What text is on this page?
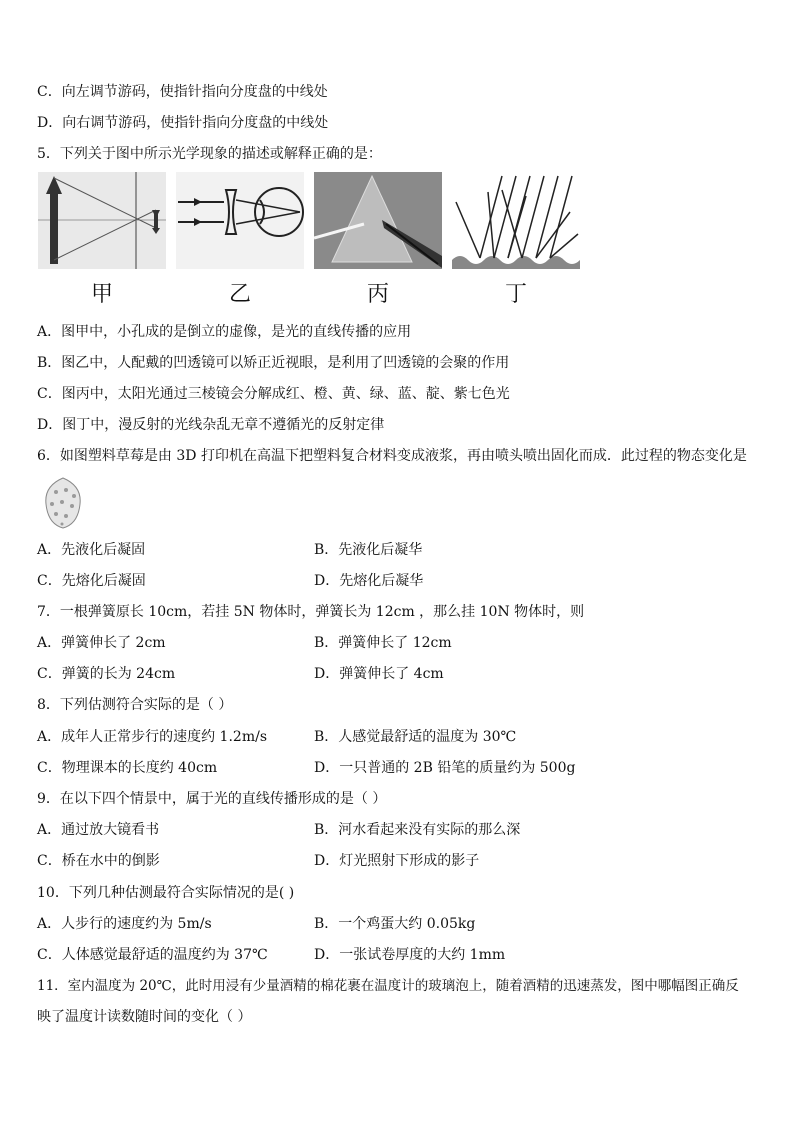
C．向左调节游码，使指针指向分度盘的中线处
D．向右调节游码，使指针指向分度盘的中线处
5．下列关于图中所示光学现象的描述或解释正确的是：
甲	乙	丙	丁
A．图甲中，小孔成的是倒立的虚像，是光的直线传播的应用
B．图乙中，人配戴的凹透镜可以矫正近视眼，是利用了凹透镜的会聚的作用
C．图丙中，太阳光通过三棱镜会分解成红、橙、黄、绿、蓝、靛、紫七色光
D．图丁中，漫反射的光线杂乱无章不遵循光的反射定律
6．如图塑料草莓是由 3D 打印机在高温下把塑料复合材料变成液浆，再由喷头喷出固化而成．此过程的物态变化是
A．先液化后凝固	B．先液化后凝华
C．先熔化后凝固	D．先熔化后凝华
7．一根弹簧原长 10cm，若挂 5N 物体时，弹簧长为 12cm ，那么挂 10N 物体时，则
A．弹簧伸长了 2cm	B．弹簧伸长了 12cm
C．弹簧的长为 24cm	D．弹簧伸长了 4cm
8．下列估测符合实际的是（ ）
A．成年人正常步行的速度约 1.2m/s	B．人感觉最舒适的温度为 30℃
C．物理课本的长度约 40cm	D．一只普通的 2B 铅笔的质量约为 500g
9．在以下四个情景中，属于光的直线传播形成的是（ ）
A．通过放大镜看书	B．河水看起来没有实际的那么深
C．桥在水中的倒影	D．灯光照射下形成的影子
10．下列几种估测最符合实际情况的是( )
A．人步行的速度约为 5m/s	B．一个鸡蛋大约 0.05kg
C．人体感觉最舒适的温度约为 37℃	D．一张试卷厚度的大约 1mm
11．室内温度为 20℃，此时用浸有少量酒精的棉花裹在温度计的玻璃泡上，随着酒精的迅速蒸发，图中哪幅图正确反
映了温度计读数随时间的变化（ ）
